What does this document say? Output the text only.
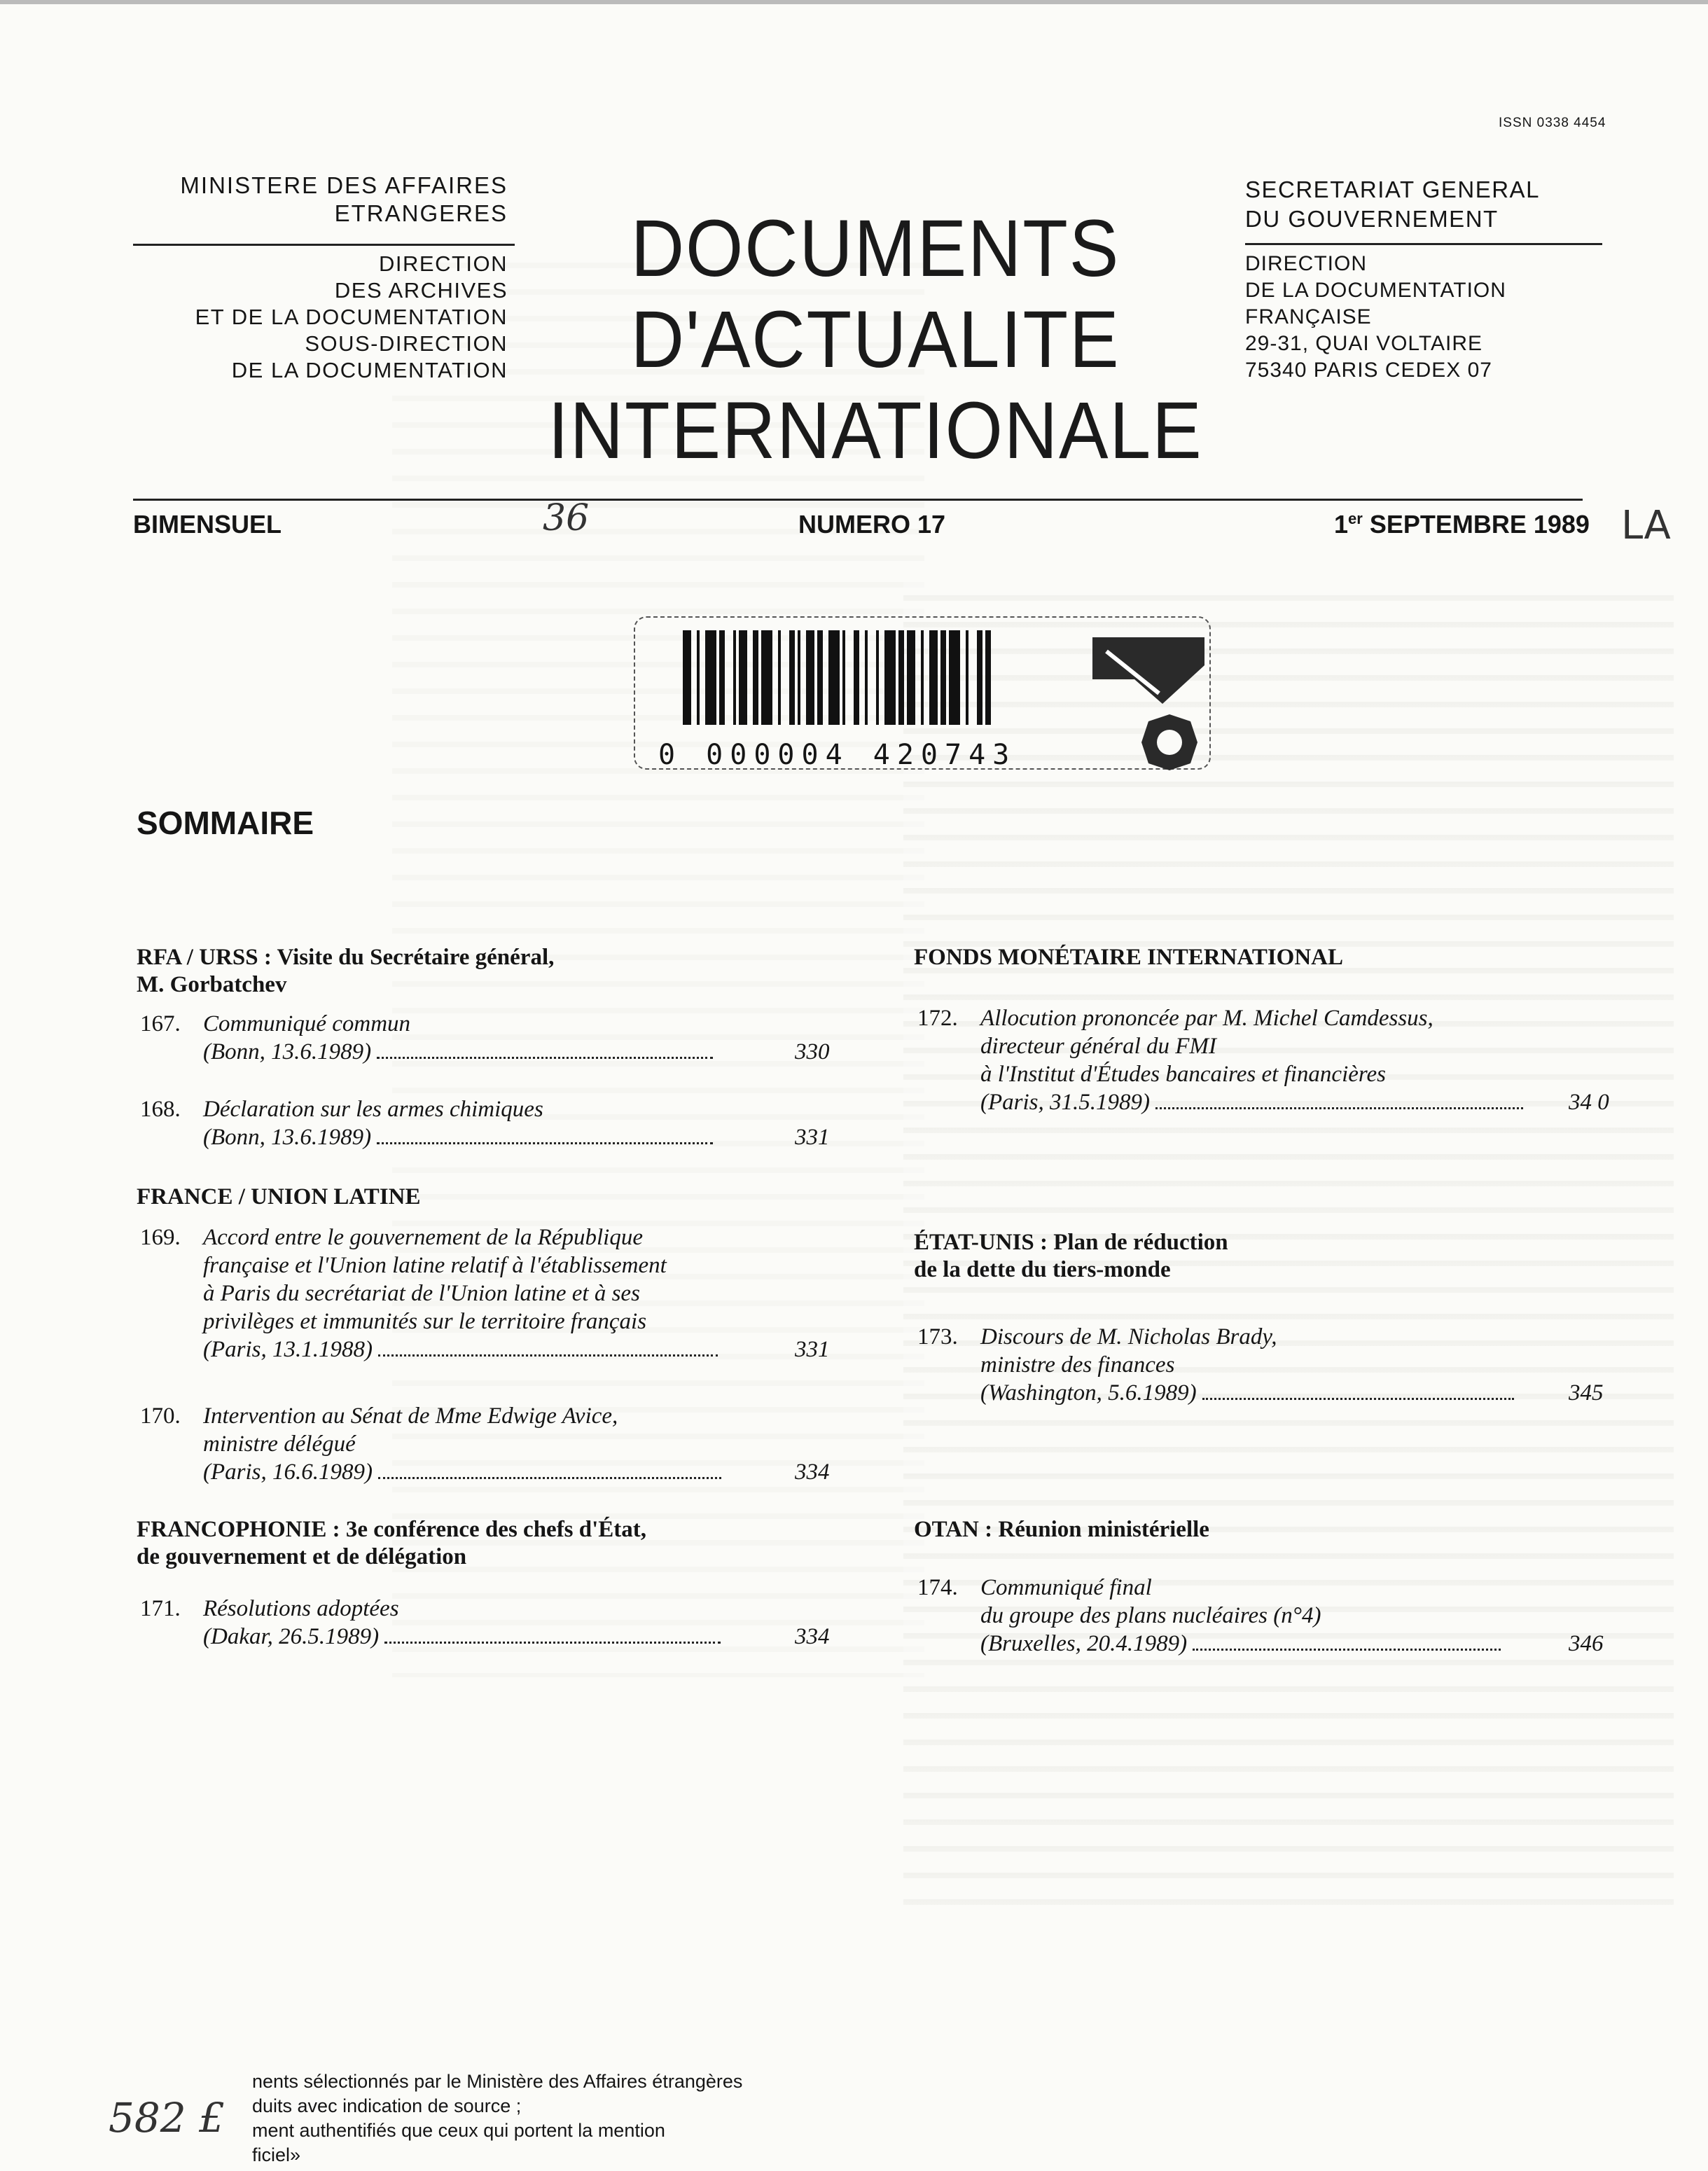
ISSN 0338 4454
MINISTERE DES AFFAIRES
ETRANGERES
DIRECTION
DES ARCHIVES
ET DE LA DOCUMENTATION
SOUS-DIRECTION
DE LA DOCUMENTATION
DOCUMENTS
D'ACTUALITE
INTERNATIONALE
SECRETARIAT GENERAL
DU GOUVERNEMENT
DIRECTION
DE LA DOCUMENTATION
FRANÇAISE
29-31, QUAI VOLTAIRE
75340 PARIS CEDEX 07
BIMENSUEL	36	NUMERO 17	1er SEPTEMBRE 1989 LA
0 000004 420743
SOMMAIRE
RFA / URSS : Visite du Secrétaire général,
M. Gorbatchev
167. Communiqué commun
(Bonn, 13.6.1989)	330
168. Déclaration sur les armes chimiques
(Bonn, 13.6.1989)	331
FRANCE / UNION LATINE
169. Accord entre le gouvernement de la République
française et l'Union latine relatif à l'établissement
à Paris du secrétariat de l'Union latine et à ses
privilèges et immunités sur le territoire français
(Paris, 13.1.1988)	331
170. Intervention au Sénat de Mme Edwige Avice,
ministre délégué
(Paris, 16.6.1989)	334
FRANCOPHONIE : 3e conférence des chefs d'État,
de gouvernement et de délégation
171. Résolutions adoptées
(Dakar, 26.5.1989)	334
FONDS MONÉTAIRE INTERNATIONAL
172. Allocution prononcée par M. Michel Camdessus,
directeur général du FMI
à l'Institut d'Études bancaires et financières
(Paris, 31.5.1989)	34 0
ÉTAT-UNIS : Plan de réduction
de la dette du tiers-monde
173. Discours de M. Nicholas Brady,
ministre des finances
(Washington, 5.6.1989)	345
OTAN : Réunion ministérielle
174. Communiqué final
du groupe des plans nucléaires (n°4)
(Bruxelles, 20.4.1989)	346
nents sélectionnés par le Ministère des Affaires étrangères
duits avec indication de source ;
ment authentifiés que ceux qui portent la mention
ficiel»
582 £
